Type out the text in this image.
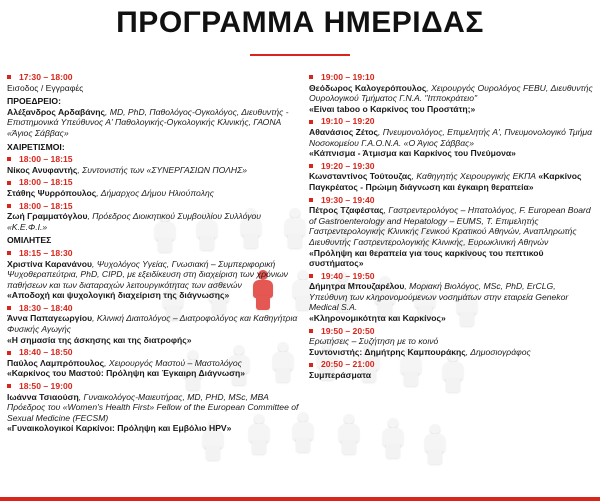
ΠΡΟΓΡΑΜΜΑ ΗΜΕΡΙΔΑΣ
17:30 – 18:00
Εισοδος / Εγγραφές
ΠΡΟΕΔΡΕΙΟ:
Αλέξανδρος Αρδαβάνης, MD, PhD, Παθολόγος-Ογκολόγος, Διευθυντής - Επιστημονικά Υπεύθυνος Α' Παθολογικής-Ογκολογικής Κλινικής, ΓΑΟΝΑ «Άγιος Σάββας»
ΧΑΙΡΕΤΙΣΜΟΙ:
18:00 – 18:15
Νίκος Ανυφαντής, Συντονιστής των «ΣΥΝΕΡΓΑΣΙΩΝ ΠΟΛΗΣ»
18:00 – 18:15
Στάθης Ψυρρόπουλος, Δήμαρχος Δήμου Ηλιούπολης
18:00 – 18:15
Ζωή Γραμματόγλου, Πρόεδρος Διοικητικού Συμβουλίου Συλλόγου «Κ.Ε.Φ.Ι.»
ΟΜΙΛΗΤΕΣ
18:15 – 18:30
Χριστίνα Καρανάνου, Ψυχολόγος Υγείας, Γνωσιακή – Συμπεριφορική Ψυχοθεραπεύτρια, PhD, CIPD, με εξειδίκευση στη διαχείριση των χρόνιων παθήσεων και των διαταραχών λειτουργικότητας των ασθενών
«Αποδοχή και ψυχολογική διαχείριση της διάγνωσης»
18:30 – 18:40
Άννα Παπαγεωργίου, Κλινική Διαιτολόγος – Διατροφολόγος και Καθηγήτρια Φυσικής Αγωγής
«Η σημασία της άσκησης και της διατροφής»
18:40 – 18:50
Παύλος Λαμπρόπουλος, Χειρουργός Μαστού – Μαστολόγος
«Καρκίνος του Μαστού: Πρόληψη και Έγκαιρη Διάγνωση»
18:50 – 19:00
Ιωάννα Τσιαούση, Γυναικολόγος-Μαιευτήρας, MD, PHD, MSc, MBA Πρόεδρος του «Women's Health First» Fellow of the European Committee of Sexual Medicine (FECSM)
«Γυναικολογικοί Καρκίνοι: Πρόληψη και Εμβόλιο HPV»
19:00 – 19:10
Θεόδωρος Καλογερόπουλος, Χειρουργός Ουρολόγος FEBU, Διευθυντής Ουρολογικού Τμήματος Γ.Ν.Α. "Ιπποκράτειο"
«Είναι taboo ο Καρκίνος του Προστάτη;»
19:10 – 19:20
Αθανάσιος Ζέτος, Πνευμονολόγος, Επιμελητής Α', Πνευμονολογικό Τμήμα Νοσοκομείου Γ.Α.Ο.Ν.Α. «Ο Άγιος Σάββας»
«Κάπνισμα - Άτμισμα και Καρκίνος του Πνεύμονα»
19:20 – 19:30
Κωνσταντίνος Τούτουζας, Καθηγητής Χειρουργικής ΕΚΠΑ «Καρκίνος Παγκρέατος - Πρώιμη διάγνωση και έγκαιρη θεραπεία»
19:30 – 19:40
Πέτρος Τζαφέστας, Γαστρεντερολόγος – Ηπατολόγος, F. European Board of Gastroenterology and Hepatology – EUMS, Τ. Επιμελητής Γαστρεντερολογικής Κλινικής Γενικού Κρατικού Αθηνών, Αναπληρωτής Διευθυντής Γαστρεντερολογικής Κλινικής, Ευρωκλινική Αθηνών
«Πρόληψη και θεραπεία για τους καρκίνους του πεπτικού συστήματος»
19:40 – 19:50
Δήμητρα Μπουζαρέλου, Μοριακή Βιολόγος, MSc, PhD, ErCLG, Υπεύθυνη των κληρονομούμενων νοσημάτων στην εταιρεία Genekor Medical S.A.
«Κληρονομικότητα και Καρκίνος»
19:50 – 20:50
Ερωτήσεις – Συζήτηση με το κοινό
Συντονιστής: Δημήτρης Καμπουράκης, Δημοσιογράφος
20:50 – 21:00
Συμπεράσματα
